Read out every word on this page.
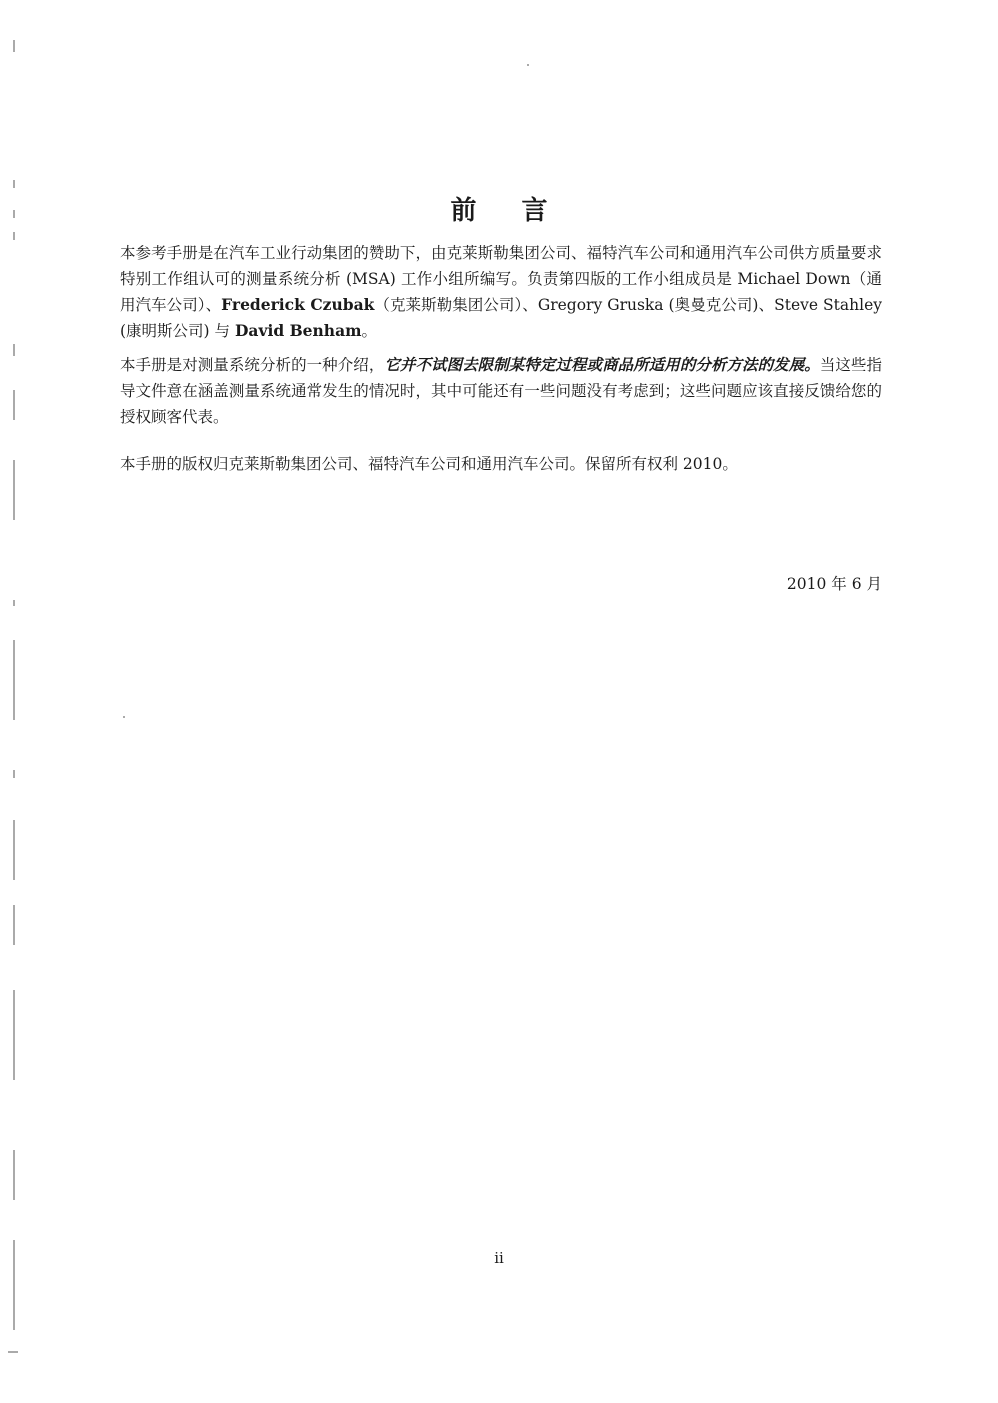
前 言
本参考手册是在汽车工业行动集团的赞助下，由克莱斯勒集团公司、福特汽车公司和通用汽车公司供方质量要求特别工作组认可的测量系统分析 (MSA) 工作小组所编写。负责第四版的工作小组成员是 Michael Down（通用汽车公司）、Frederick Czubak（克莱斯勒集团公司）、Gregory Gruska (奥曼克公司)、Steve Stahley (康明斯公司) 与 David Benham。
本手册是对测量系统分析的一种介绍，它并不试图去限制某特定过程或商品所适用的分析方法的发展。当这些指导文件意在涵盖测量系统通常发生的情况时，其中可能还有一些问题没有考虑到；这些问题应该直接反馈给您的授权顾客代表。
本手册的版权归克莱斯勒集团公司、福特汽车公司和通用汽车公司。保留所有权利 2010。
2010 年 6 月
ii
